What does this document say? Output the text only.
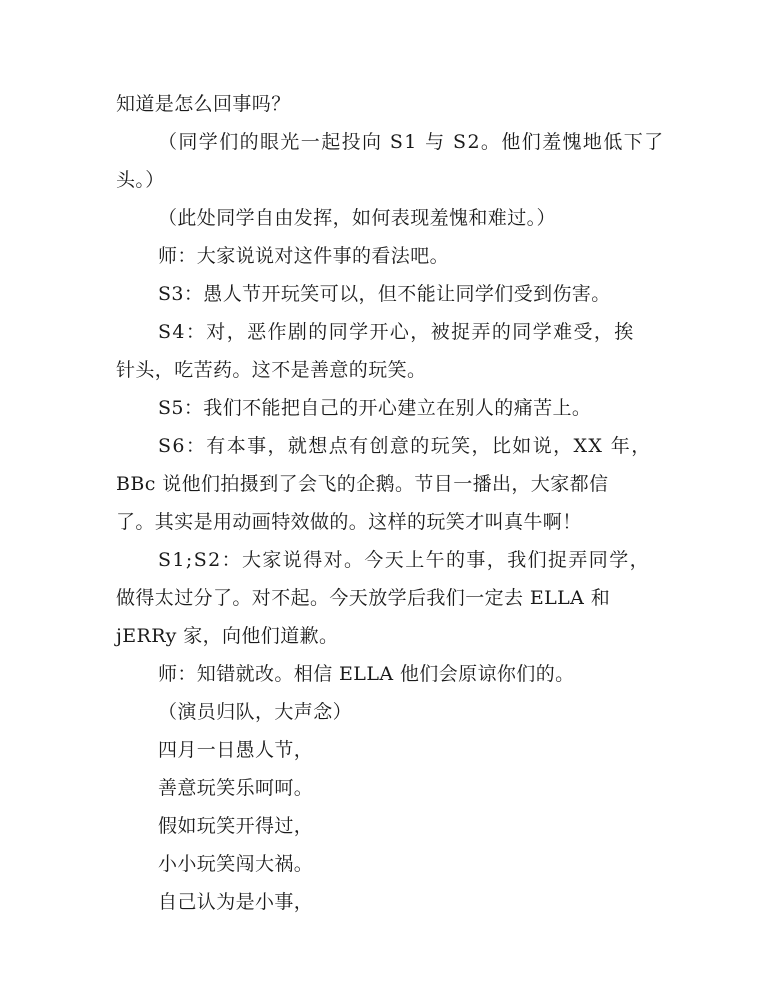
知道是怎么回事吗？
（同学们的眼光一起投向 S1 与 S2。他们羞愧地低下了
头。）
（此处同学自由发挥，如何表现羞愧和难过。）
师：大家说说对这件事的看法吧。
S3：愚人节开玩笑可以，但不能让同学们受到伤害。
S4：对，恶作剧的同学开心，被捉弄的同学难受，挨
针头，吃苦药。这不是善意的玩笑。
S5：我们不能把自己的开心建立在别人的痛苦上。
S6：有本事，就想点有创意的玩笑，比如说，XX 年，
BBc 说他们拍摄到了会飞的企鹅。节目一播出，大家都信
了。其实是用动画特效做的。这样的玩笑才叫真牛啊！
S1;S2：大家说得对。今天上午的事，我们捉弄同学，
做得太过分了。对不起。今天放学后我们一定去 ELLA 和
jERRy 家，向他们道歉。
师：知错就改。相信 ELLA 他们会原谅你们的。
（演员归队，大声念）
四月一日愚人节，
善意玩笑乐呵呵。
假如玩笑开得过，
小小玩笑闯大祸。
自己认为是小事，
